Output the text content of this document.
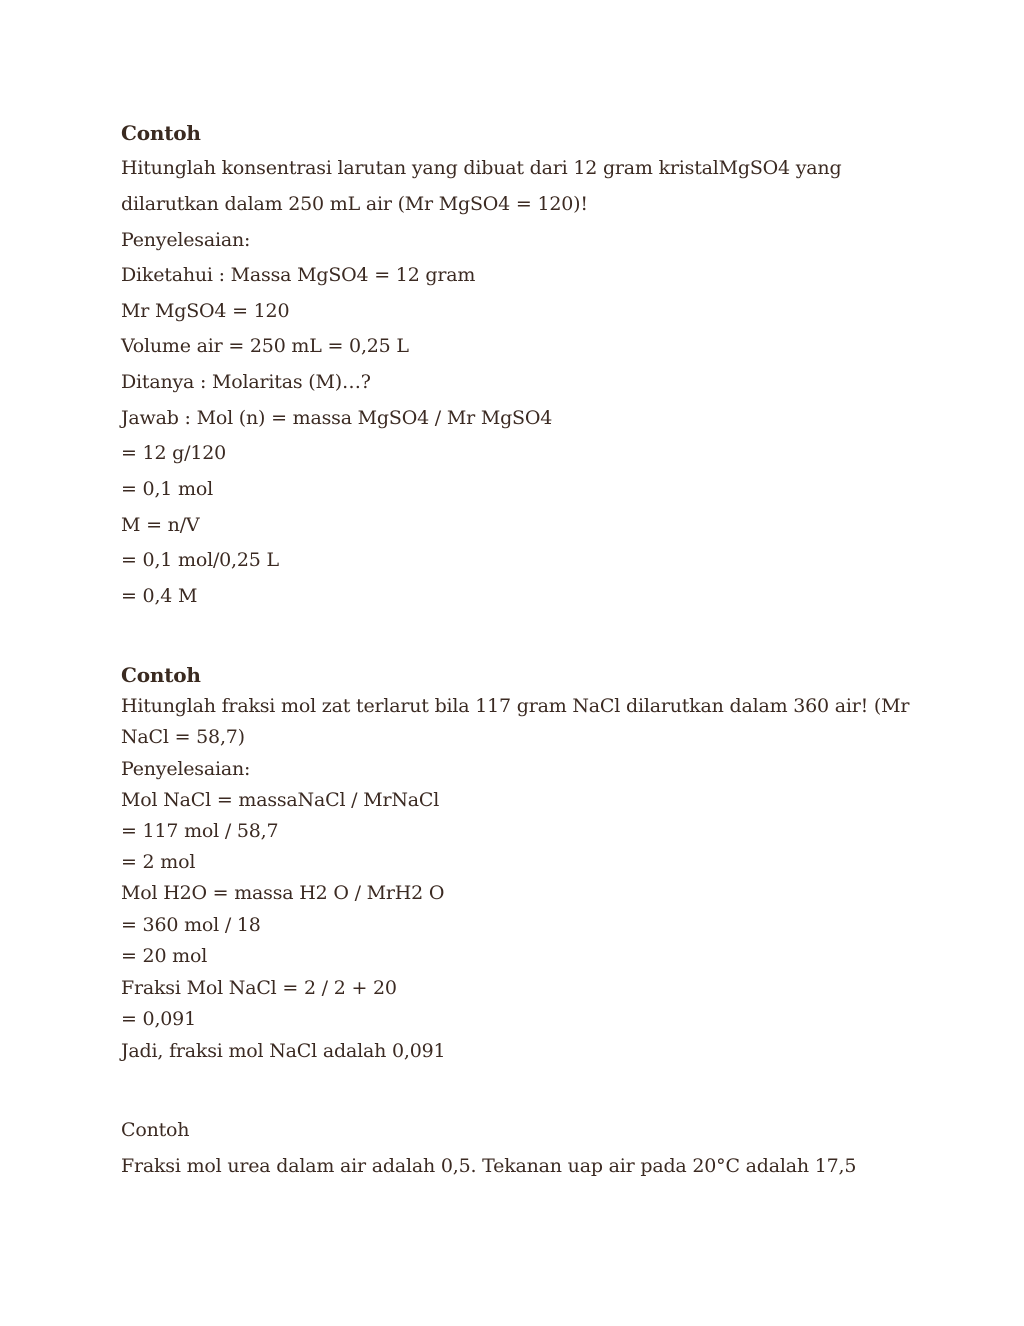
Contoh
Hitunglah konsentrasi larutan yang dibuat dari 12 gram kristalMgSO4 yang
dilarutkan dalam 250 mL air (Mr MgSO4 = 120)!
Penyelesaian:
Diketahui : Massa MgSO4 = 12 gram
Mr MgSO4 = 120
Volume air = 250 mL = 0,25 L
Ditanya : Molaritas (M)…?
Jawab : Mol (n) = massa MgSO4 / Mr MgSO4
= 12 g/120
= 0,1 mol
M = n/V
= 0,1 mol/0,25 L
= 0,4 M
Contoh
Hitunglah fraksi mol zat terlarut bila 117 gram NaCl dilarutkan dalam 360 air! (Mr
NaCl = 58,7)
Penyelesaian:
Mol NaCl = massaNaCl / MrNaCl
= 117 mol / 58,7
= 2 mol
Mol H2O = massa H2 O / MrH2 O
= 360 mol / 18
= 20 mol
Fraksi Mol NaCl = 2 / 2 + 20
= 0,091
Jadi, fraksi mol NaCl adalah 0,091
Contoh
Fraksi mol urea dalam air adalah 0,5. Tekanan uap air pada 20°C adalah 17,5
